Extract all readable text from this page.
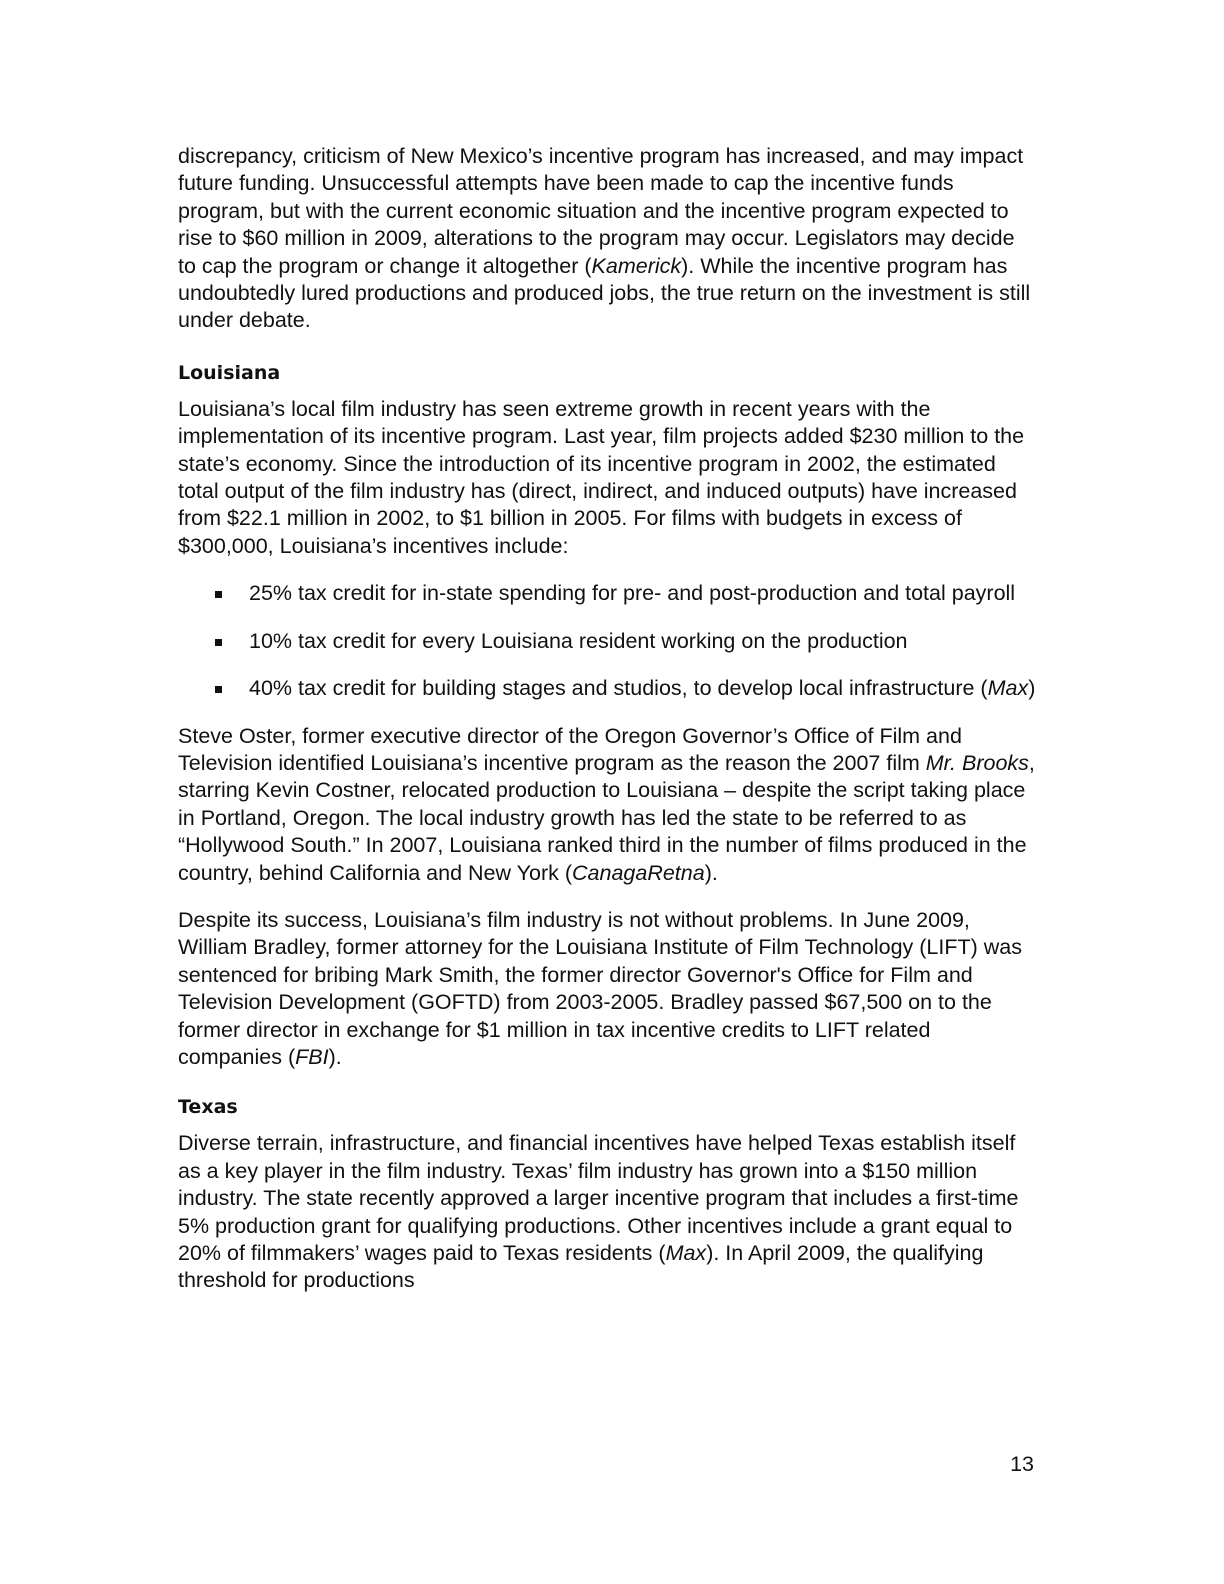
discrepancy, criticism of New Mexico’s incentive program has increased, and may impact future funding. Unsuccessful attempts have been made to cap the incentive funds program, but with the current economic situation and the incentive program expected to rise to $60 million in 2009, alterations to the program may occur. Legislators may decide to cap the program or change it altogether (Kamerick). While the incentive program has undoubtedly lured productions and produced jobs, the true return on the investment is still under debate.

Louisiana

Louisiana’s local film industry has seen extreme growth in recent years with the implementation of its incentive program. Last year, film projects added $230 million to the state’s economy. Since the introduction of its incentive program in 2002, the estimated total output of the film industry has (direct, indirect, and induced outputs) have increased from $22.1 million in 2002, to $1 billion in 2005. For films with budgets in excess of $300,000, Louisiana’s incentives include:

25% tax credit for in-state spending for pre- and post-production and total payroll
10% tax credit for every Louisiana resident working on the production
40% tax credit for building stages and studios, to develop local infrastructure (Max)

Steve Oster, former executive director of the Oregon Governor’s Office of Film and Television identified Louisiana’s incentive program as the reason the 2007 film Mr. Brooks, starring Kevin Costner, relocated production to Louisiana – despite the script taking place in Portland, Oregon. The local industry growth has led the state to be referred to as “Hollywood South.” In 2007, Louisiana ranked third in the number of films produced in the country, behind California and New York (CanagaRetna).

Despite its success, Louisiana’s film industry is not without problems. In June 2009, William Bradley, former attorney for the Louisiana Institute of Film Technology (LIFT) was sentenced for bribing Mark Smith, the former director Governor's Office for Film and Television Development (GOFTD) from 2003-2005. Bradley passed $67,500 on to the former director in exchange for $1 million in tax incentive credits to LIFT related companies (FBI).

Texas

Diverse terrain, infrastructure, and financial incentives have helped Texas establish itself as a key player in the film industry. Texas’ film industry has grown into a $150 million industry. The state recently approved a larger incentive program that includes a first-time 5% production grant for qualifying productions. Other incentives include a grant equal to 20% of filmmakers’ wages paid to Texas residents (Max). In April 2009, the qualifying threshold for productions

13
